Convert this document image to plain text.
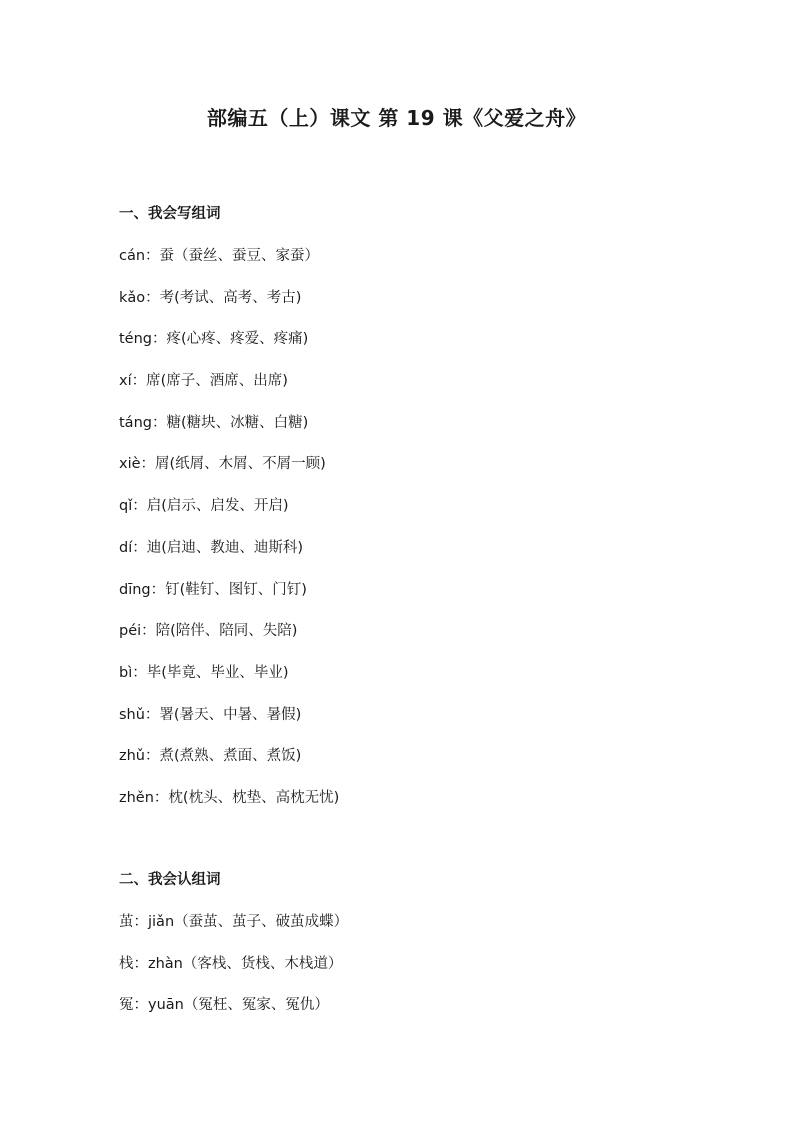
部编五（上）课文 第 19 课《父爱之舟》
一、我会写组词
cán：蚕（蚕丝、蚕豆、家蚕）
kǎo：考(考试、高考、考古)
téng：疼(心疼、疼爱、疼痛)
xí：席(席子、酒席、出席)
táng：糖(糖块、冰糖、白糖)
xiè：屑(纸屑、木屑、不屑一顾)
qǐ：启(启示、启发、开启)
dí：迪(启迪、教迪、迪斯科)
dīng：钉(鞋钉、图钉、门钉)
péi：陪(陪伴、陪同、失陪)
bì：毕(毕竟、毕业、毕业)
shǔ：署(暑天、中暑、暑假)
zhǔ：煮(煮熟、煮面、煮饭)
zhěn：枕(枕头、枕垫、高枕无忧)
二、我会认组词
茧：jiǎn（蚕茧、茧子、破茧成蝶）
栈：zhàn（客栈、货栈、木栈道）
冤：yuān（冤枉、冤家、冤仇）
